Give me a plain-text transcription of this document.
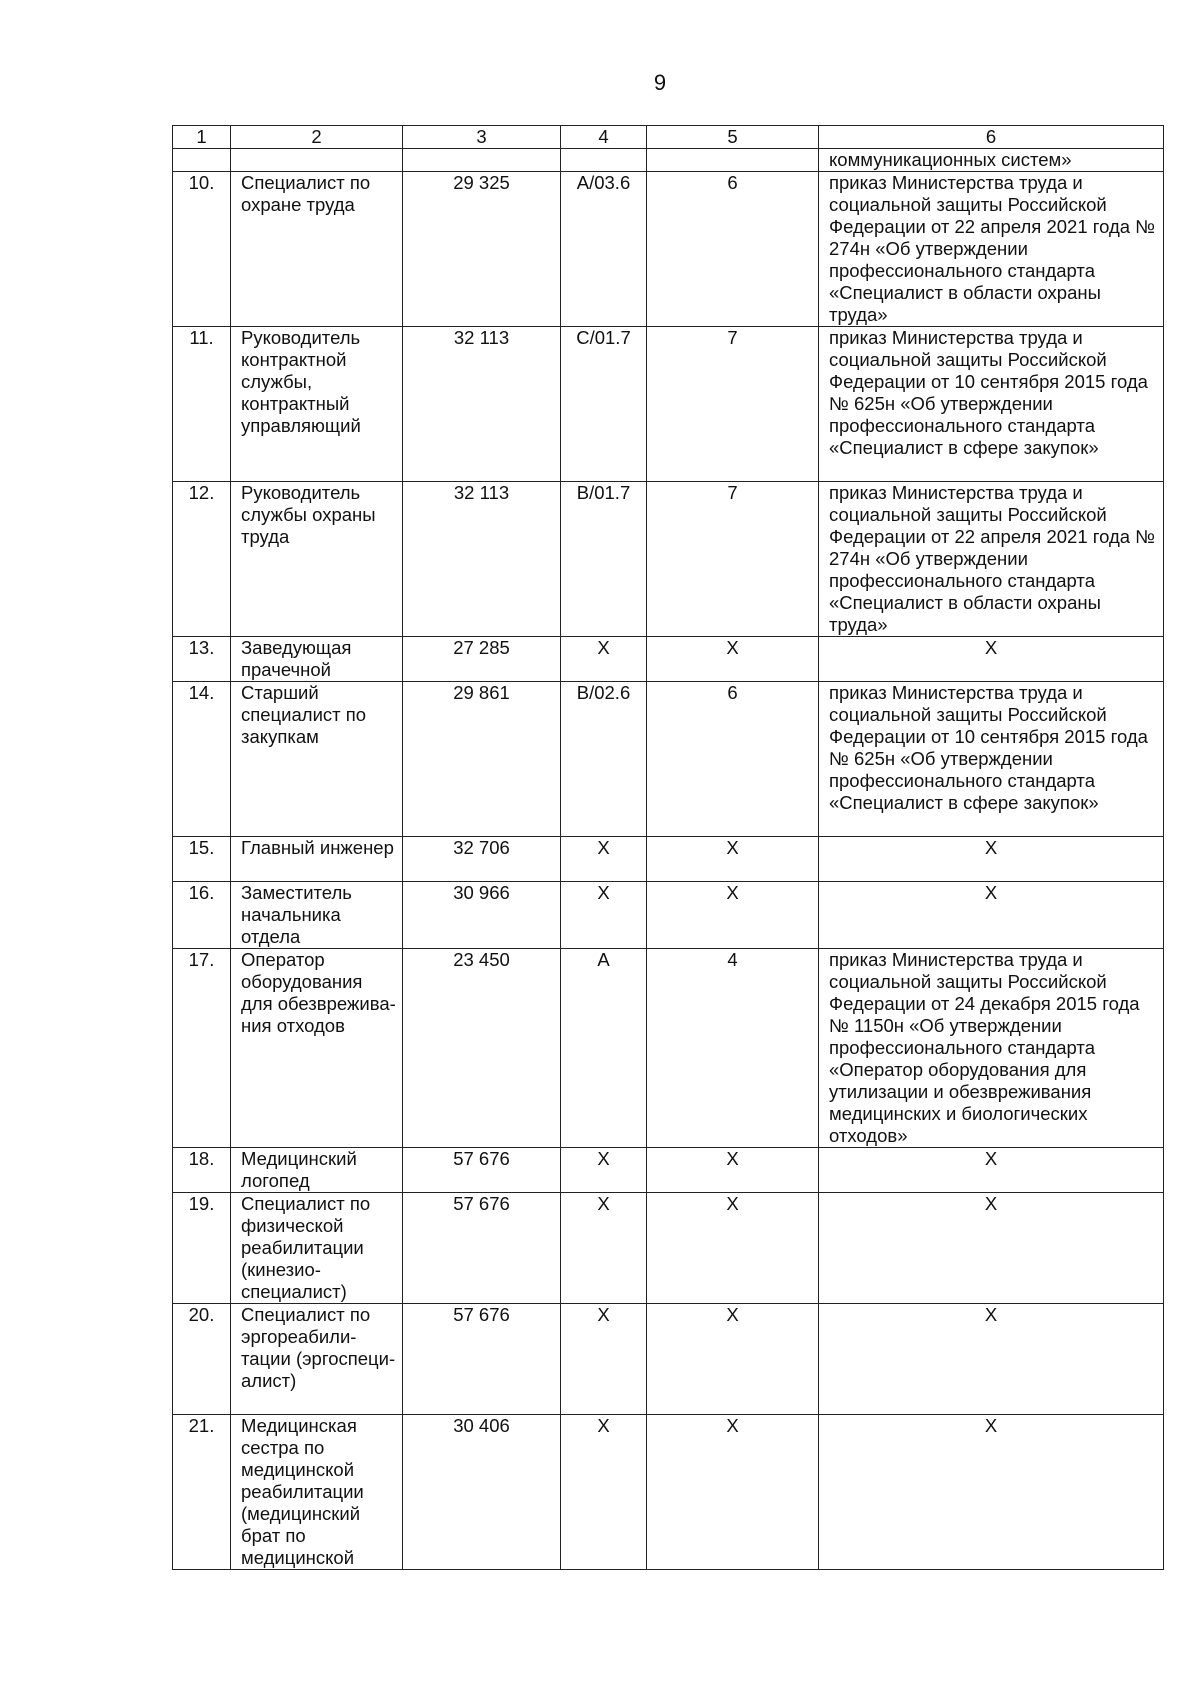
9
1	2	3	4	5	6
					коммуникационных систем»
10.	Специалист по охране труда	29 325	А/03.6	6	приказ Министерства труда и социальной защиты Российской Федерации от 22 апреля 2021 года № 274н «Об утверждении профессионального стандарта «Специалист в области охраны труда»
11.	Руководитель контрактной службы, контрактный управляющий	32 113	С/01.7	7	приказ Министерства труда и социальной защиты Российской Федерации от 10 сентября 2015 года № 625н «Об утверждении профессионального стандарта «Специалист в сфере закупок»
12.	Руководитель службы охраны труда	32 113	В/01.7	7	приказ Министерства труда и социальной защиты Российской Федерации от 22 апреля 2021 года № 274н «Об утверждении профессионального стандарта «Специалист в области охраны труда»
13.	Заведующая прачечной	27 285	Х	Х	Х
14.	Старший специалист по закупкам	29 861	В/02.6	6	приказ Министерства труда и социальной защиты Российской Федерации от 10 сентября 2015 года № 625н «Об утверждении профессионального стандарта «Специалист в сфере закупок»
15.	Главный инженер	32 706	Х	Х	Х
16.	Заместитель начальника отдела	30 966	Х	Х	Х
17.	Оператор оборудования для обезврежива-ния отходов	23 450	А	4	приказ Министерства труда и социальной защиты Российской Федерации от 24 декабря 2015 года № 1150н «Об утверждении профессионального стандарта «Оператор оборудования для утилизации и обезвреживания медицинских и биологических отходов»
18.	Медицинский логопед	57 676	Х	Х	Х
19.	Специалист по физической реабилитации (кинезио-специалист)	57 676	Х	Х	Х
20.	Специалист по эргореабили-тации (эргоспеци-алист)	57 676	Х	Х	Х
21.	Медицинская сестра по медицинской реабилитации (медицинский брат по медицинской	30 406	Х	Х	Х
